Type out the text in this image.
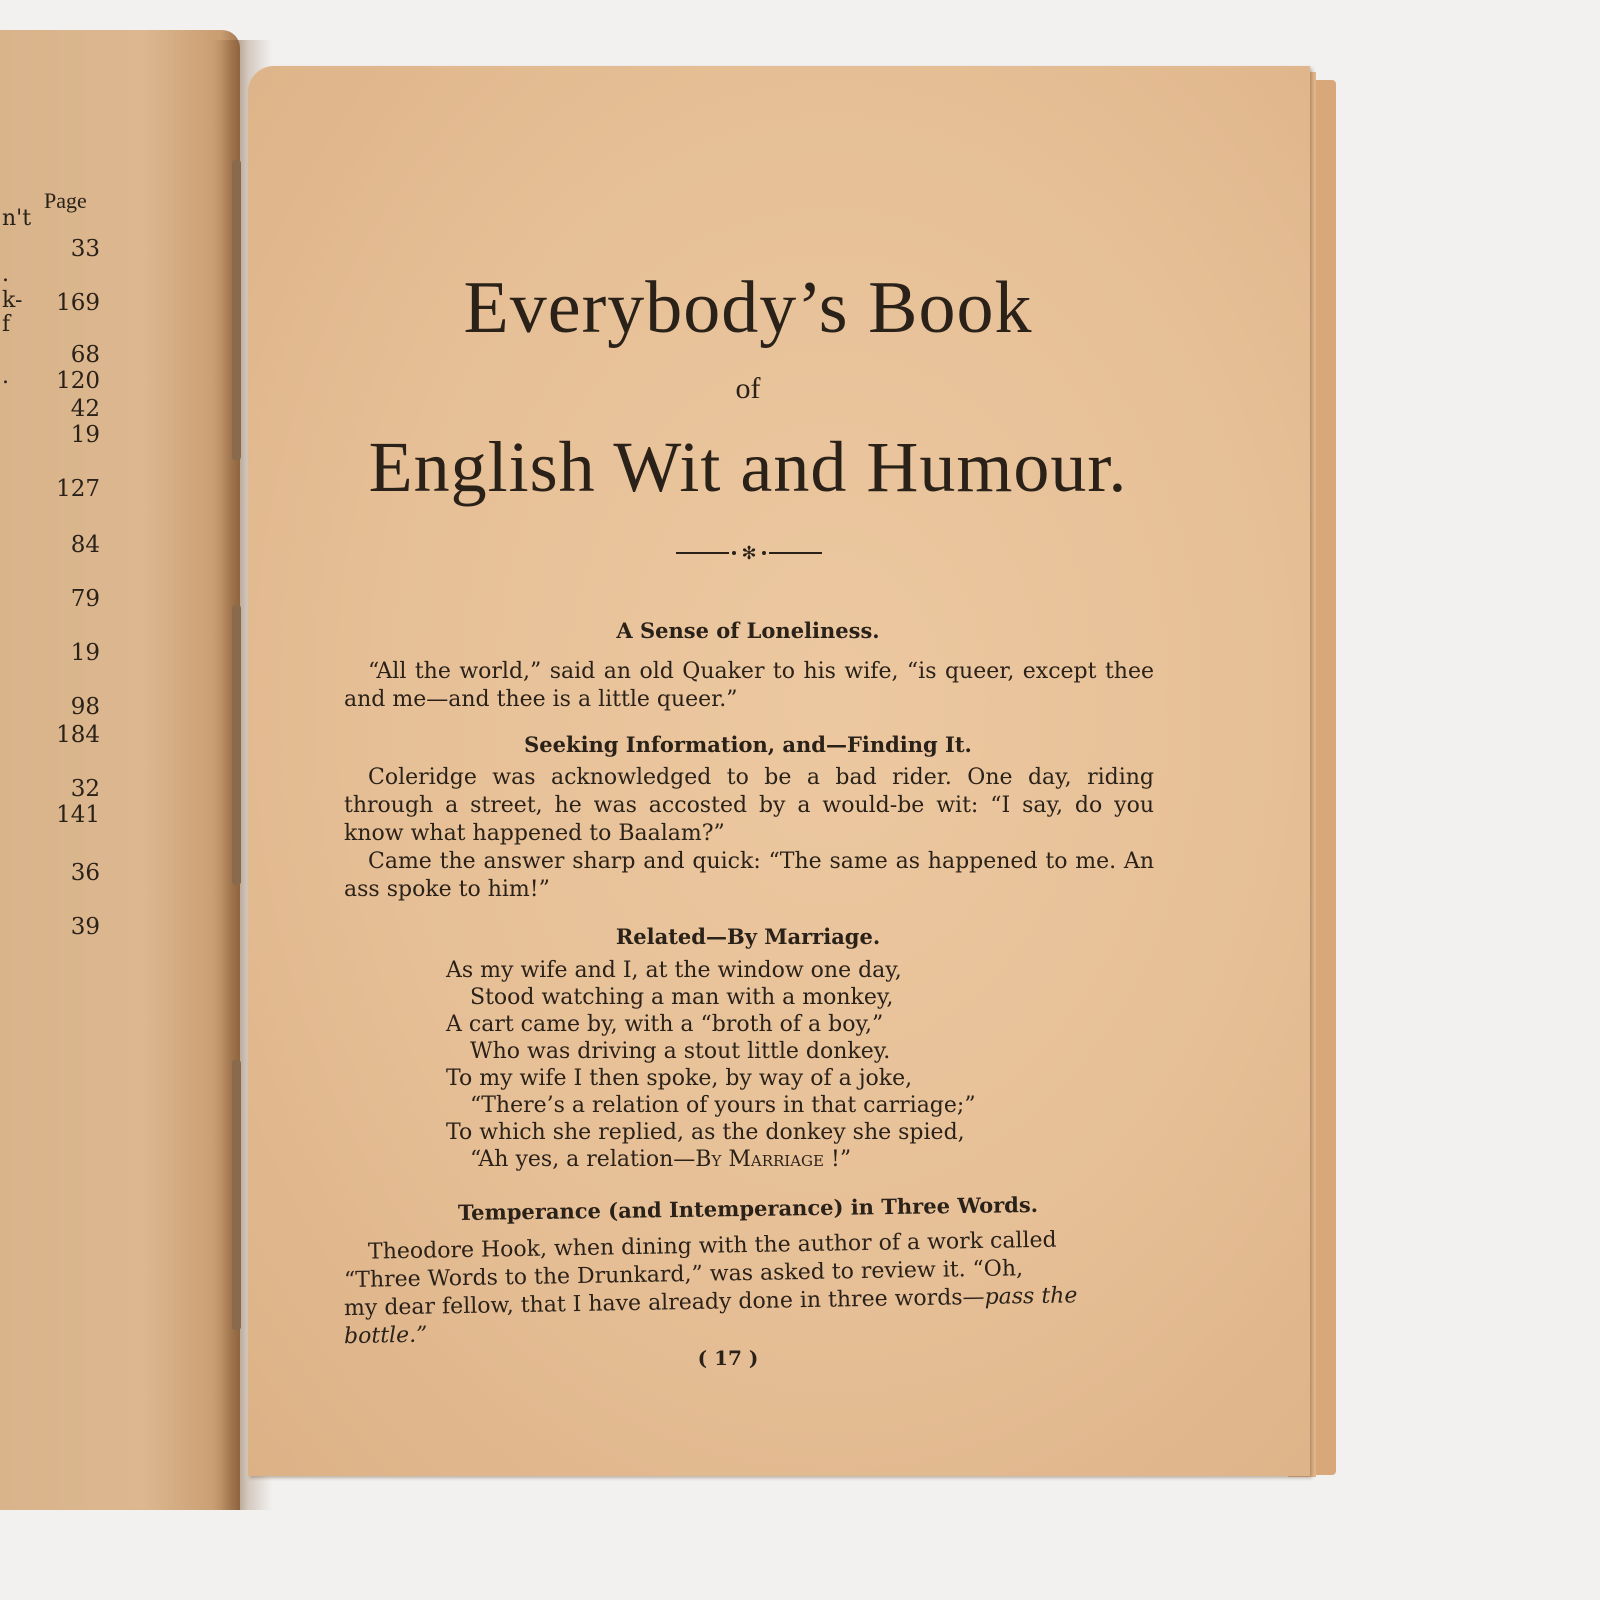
Page
n't
.
k-
f
.
33
169
68
120
42
19
127
84
79
19
98
184
32
141
36
39
Everybody’s Book
of
English Wit and Humour.
✻
A Sense of Loneliness.
“All the world,” said an old Quaker to his wife, “is queer, except thee and me—and thee is a little queer.”
Seeking Information, and—Finding It.
Coleridge was acknowledged to be a bad rider. One day, riding through a street, he was accosted by a would-be wit: “I say, do you know what happened to Baalam?”
Came the answer sharp and quick: “The same as happened to me. An ass spoke to him!”
Related—By Marriage.
As my wife and I, at the window one day,
Stood watching a man with a monkey,
A cart came by, with a “broth of a boy,”
Who was driving a stout little donkey.
To my wife I then spoke, by way of a joke,
“There’s a relation of yours in that carriage;”
To which she replied, as the donkey she spied,
“Ah yes, a relation—By Marriage !”
Temperance (and Intemperance) in Three Words.
Theodore Hook, when dining with the author of a work called
“Three Words to the Drunkard,” was asked to review it. “Oh,
my dear fellow, that I have already done in three words—pass the
bottle.”
( 17 )
